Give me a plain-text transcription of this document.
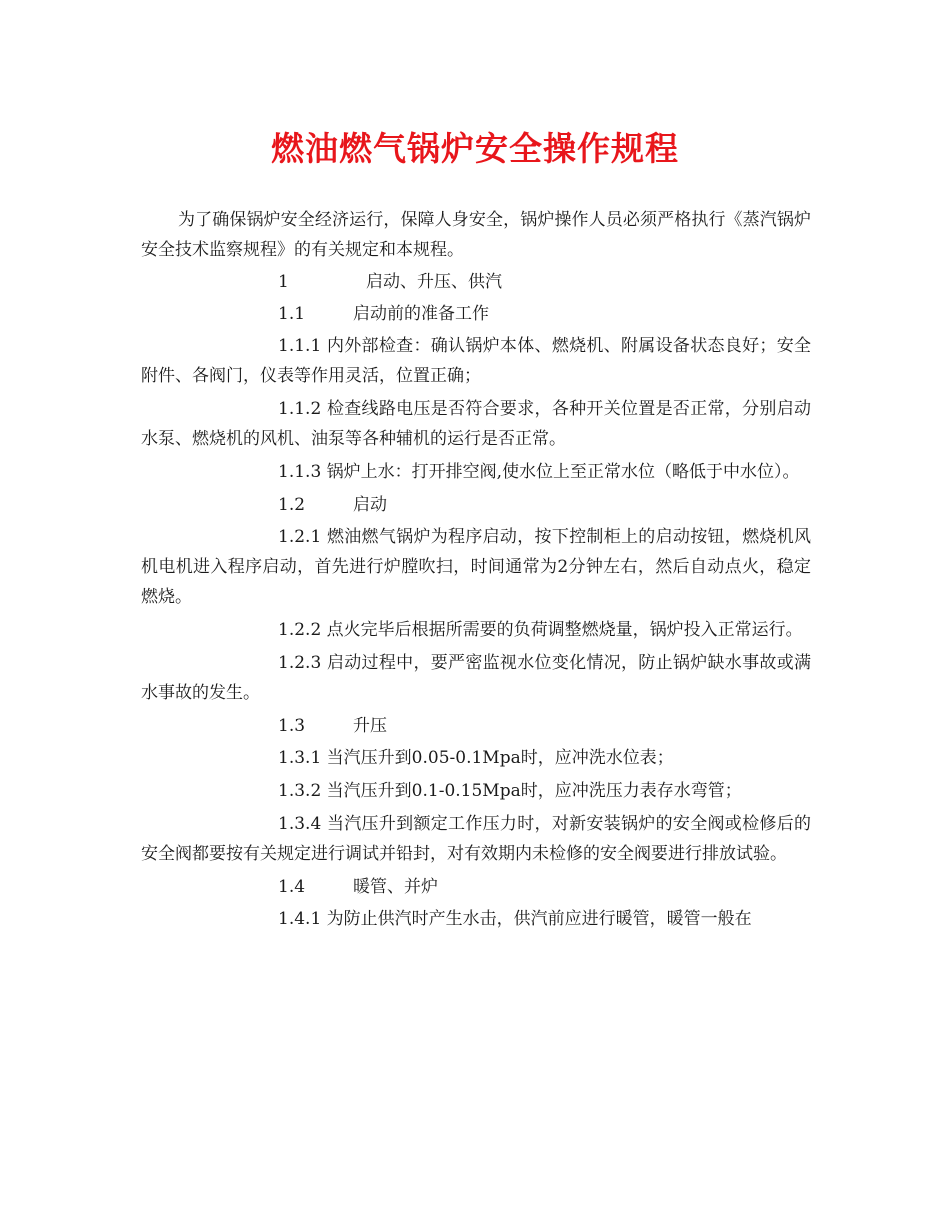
燃油燃气锅炉安全操作规程

为了确保锅炉安全经济运行，保障人身安全，锅炉操作人员必须严格执行《蒸汽锅炉安全技术监察规程》的有关规定和本规程。

1	启动、升压、供汽

1.1	启动前的准备工作

1.1.1 内外部检查：确认锅炉本体、燃烧机、附属设备状态良好；安全附件、各阀门，仪表等作用灵活，位置正确；

1.1.2 检查线路电压是否符合要求，各种开关位置是否正常，分别启动水泵、燃烧机的风机、油泵等各种辅机的运行是否正常。

1.1.3 锅炉上水：打开排空阀,使水位上至正常水位（略低于中水位）。

1.2	启动

1.2.1 燃油燃气锅炉为程序启动，按下控制柜上的启动按钮，燃烧机风机电机进入程序启动，首先进行炉膛吹扫，时间通常为2分钟左右，然后自动点火，稳定燃烧。

1.2.2 点火完毕后根据所需要的负荷调整燃烧量，锅炉投入正常运行。

1.2.3 启动过程中，要严密监视水位变化情况，防止锅炉缺水事故或满水事故的发生。

1.3	升压

1.3.1 当汽压升到0.05-0.1Mpa时，应冲洗水位表；

1.3.2 当汽压升到0.1-0.15Mpa时，应冲洗压力表存水弯管；

1.3.4 当汽压升到额定工作压力时，对新安装锅炉的安全阀或检修后的安全阀都要按有关规定进行调试并铅封，对有效期内未检修的安全阀要进行排放试验。

1.4	暖管、并炉

1.4.1 为防止供汽时产生水击，供汽前应进行暖管，暖管一般在
